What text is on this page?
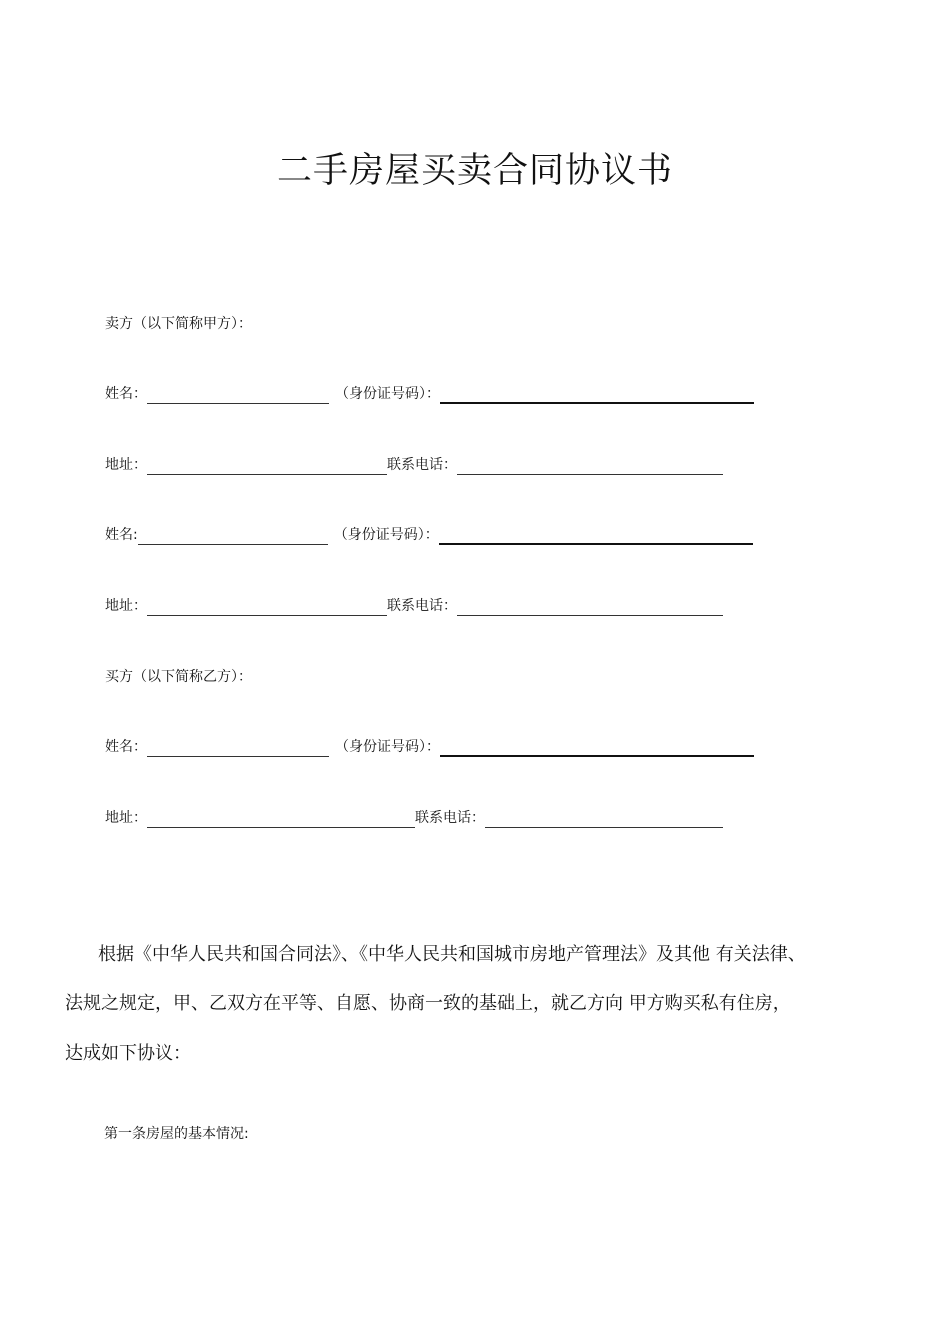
二手房屋买卖合同协议书
卖方（以下简称甲方）：
姓名：	（身份证号码）：
地址：	联系电话：
姓名:	（身份证号码）：
地址：	联系电话：
买方（以下简称乙方）：
姓名：	（身份证号码）：
地址：	联系电话：
根据《中华人民共和国合同法》、《中华人民共和国城市房地产管理法》及其他 有关法律、
法规之规定，甲、乙双方在平等、自愿、协商一致的基础上，就乙方向 甲方购买私有住房，
达成如下协议：
第一条房屋的基本情况:
